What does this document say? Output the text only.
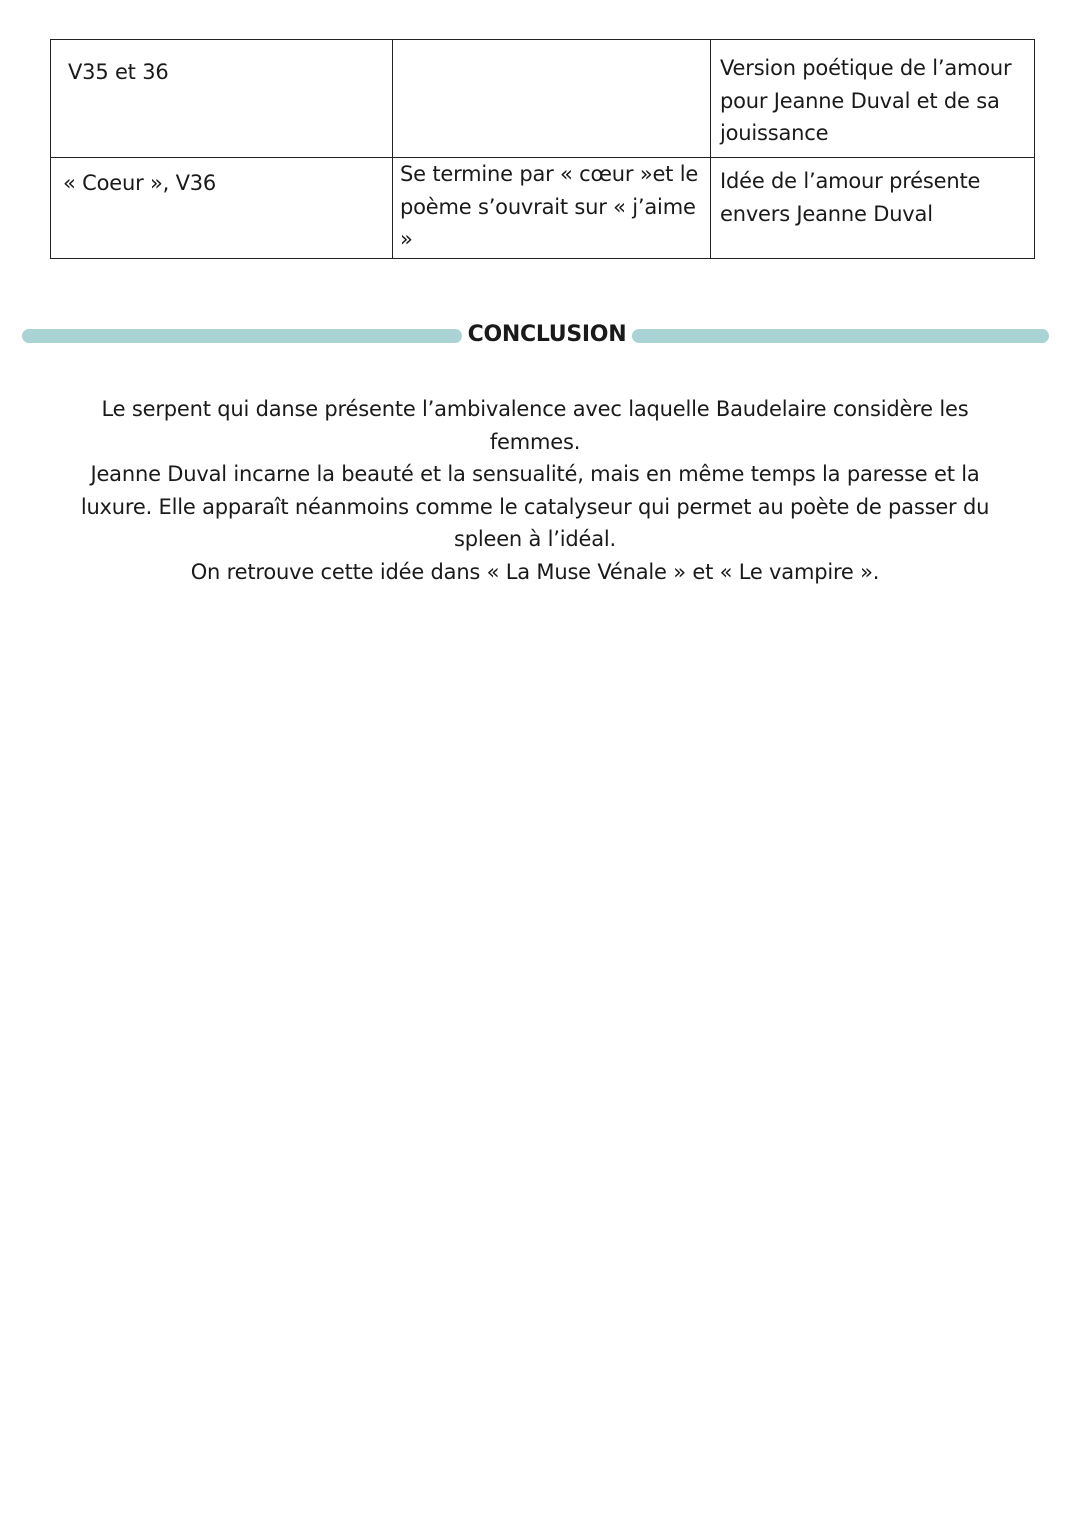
V35 et 36		Version poétique de l’amour pour Jeanne Duval et de sa jouissance

« Coeur », V36	Se termine par « cœur »et le poème s’ouvrait sur « j’aime »	Idée de l’amour présente envers Jeanne Duval
CONCLUSION

Le serpent qui danse présente l’ambivalence avec laquelle Baudelaire considère les femmes.

Jeanne Duval incarne la beauté et la sensualité, mais en même temps la paresse et la luxure. Elle apparaît néanmoins comme le catalyseur qui permet au poète de passer du spleen à l’idéal.

On retrouve cette idée dans « La Muse Vénale » et « Le vampire ».
